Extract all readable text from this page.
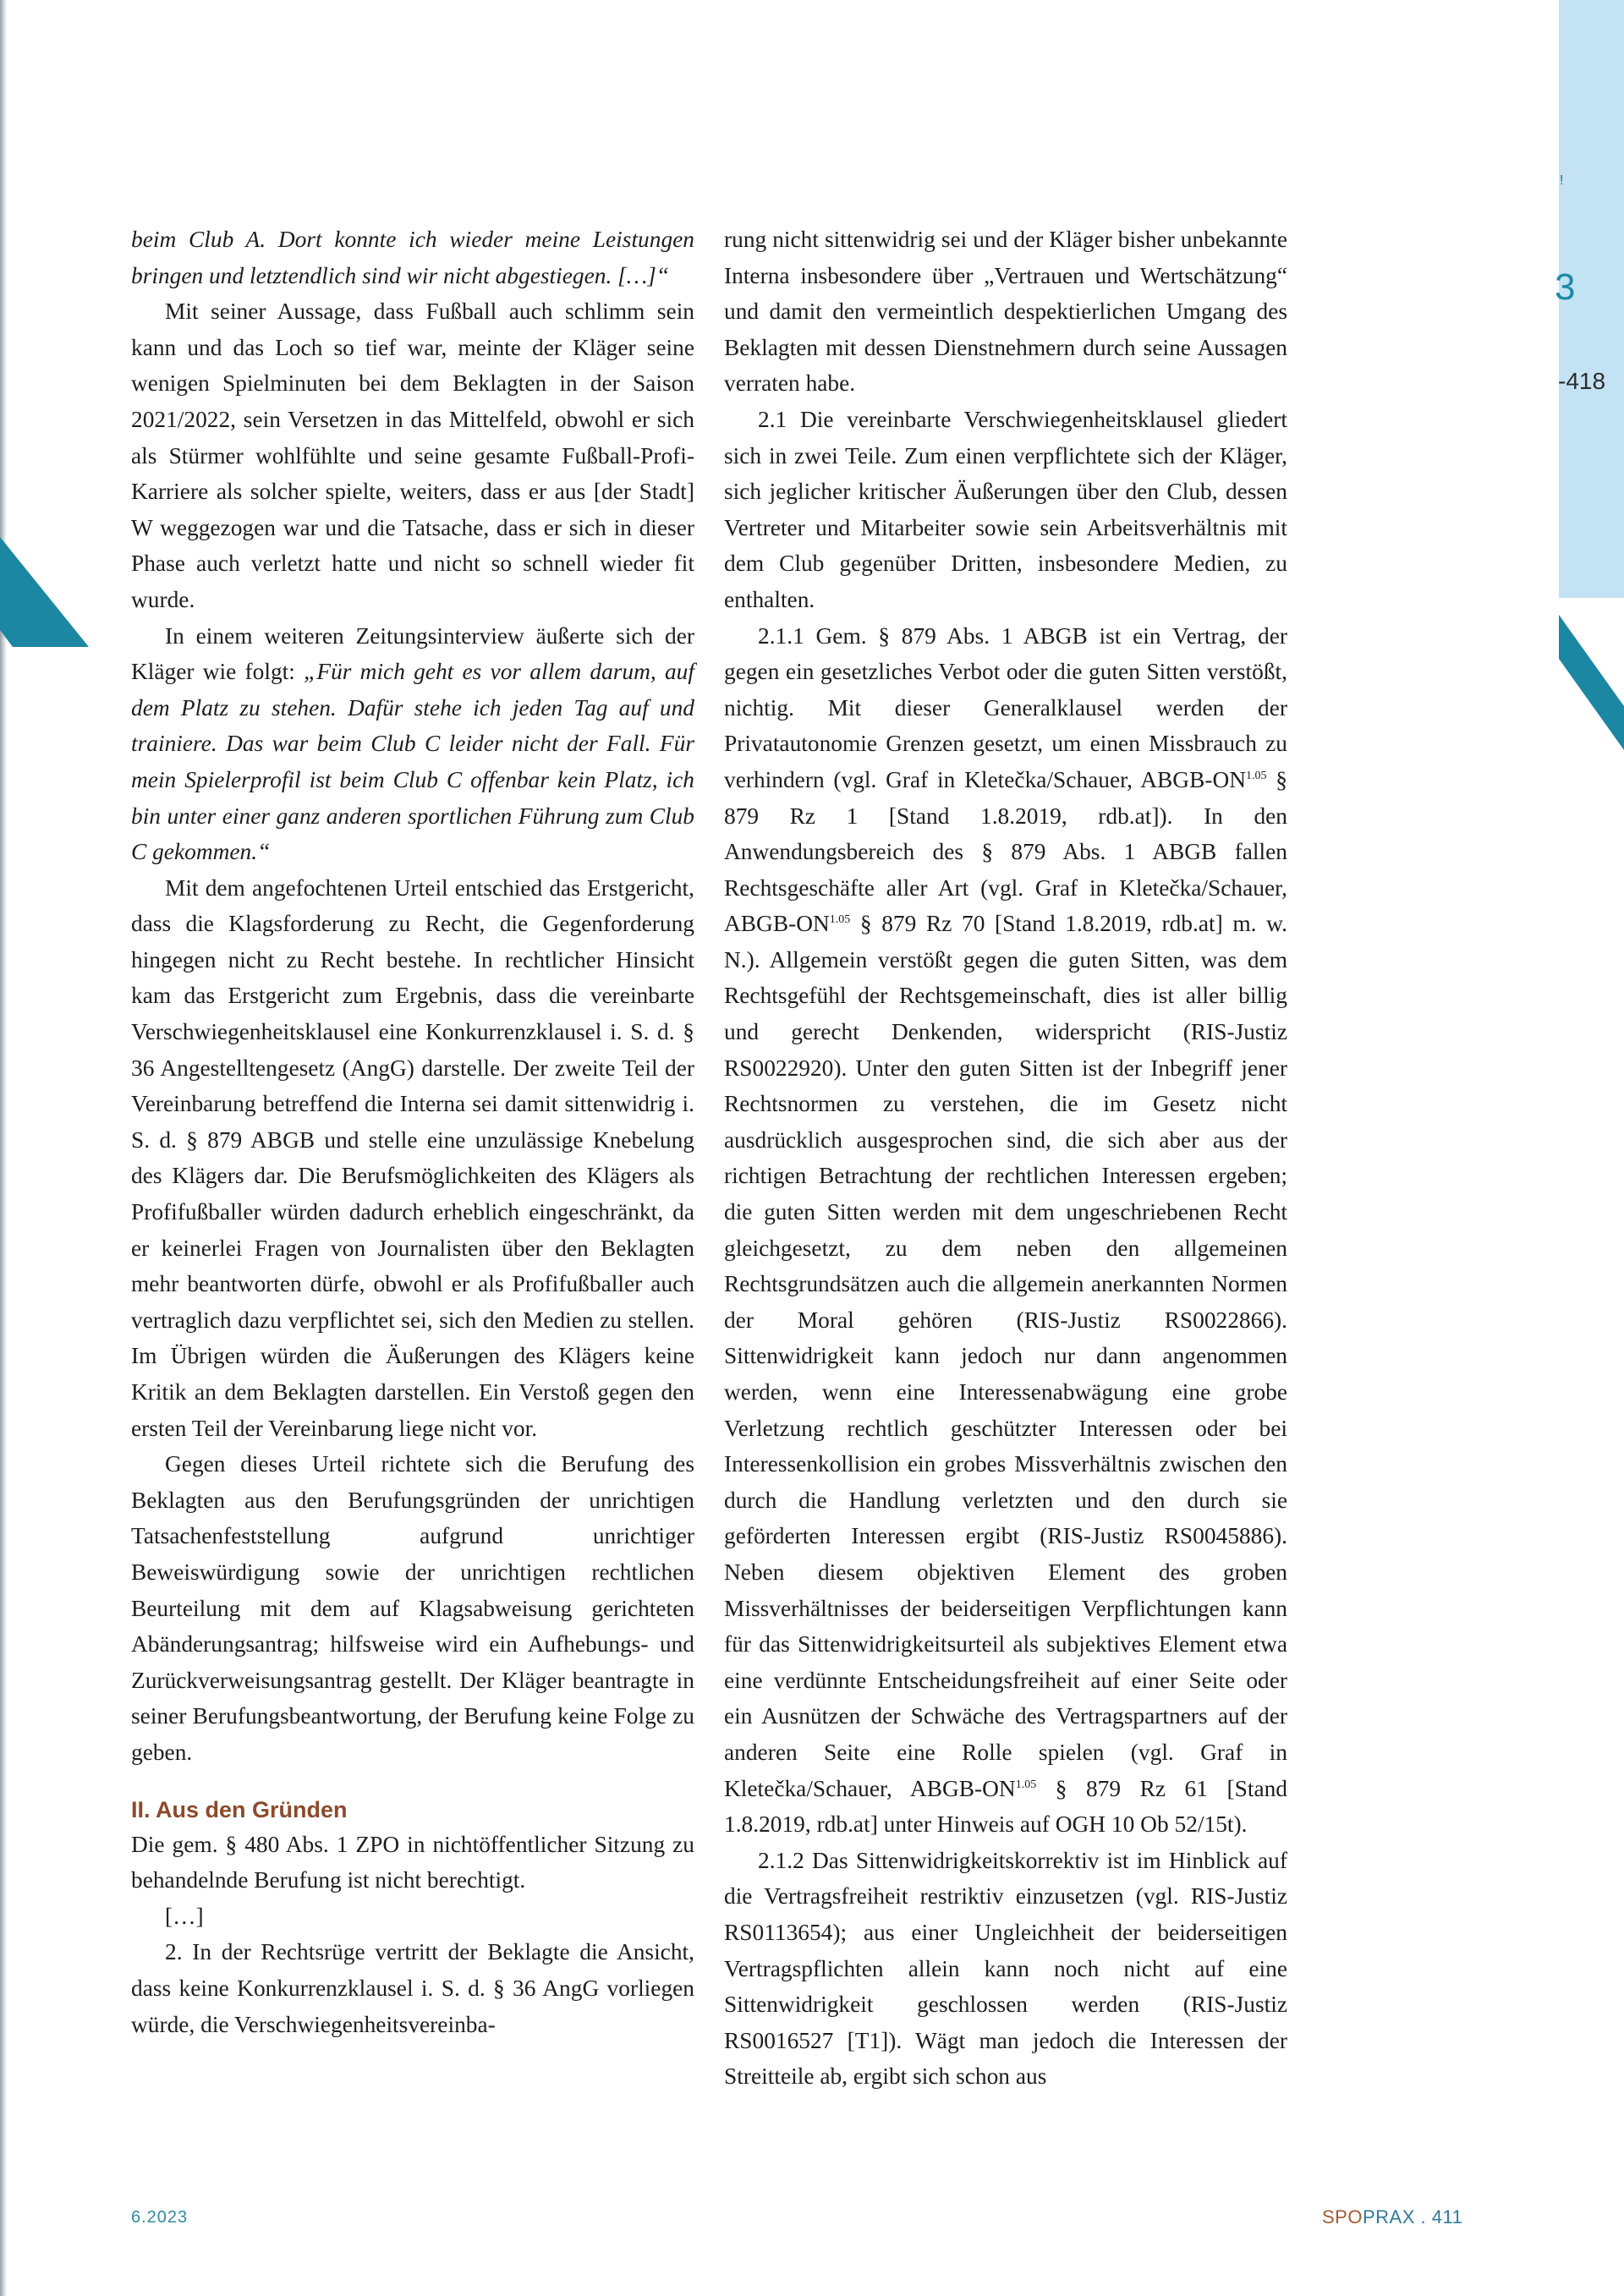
!
3
-418

beim Club A. Dort konnte ich wieder meine Leistungen bringen und letztendlich sind wir nicht abgestiegen. […]“

Mit seiner Aussage, dass Fußball auch schlimm sein kann und das Loch so tief war, meinte der Kläger seine wenigen Spielminuten bei dem Beklagten in der Saison 2021/2022, sein Versetzen in das Mittelfeld, obwohl er sich als Stürmer wohlfühlte und seine gesamte Fußball-Profi-Karriere als solcher spielte, weiters, dass er aus [der Stadt] W weggezogen war und die Tatsache, dass er sich in dieser Phase auch verletzt hatte und nicht so schnell wieder fit wurde.

In einem weiteren Zeitungsinterview äußerte sich der Kläger wie folgt: „Für mich geht es vor allem darum, auf dem Platz zu stehen. Dafür stehe ich jeden Tag auf und trainiere. Das war beim Club C leider nicht der Fall. Für mein Spielerprofil ist beim Club C offenbar kein Platz, ich bin unter einer ganz anderen sportlichen Führung zum Club C gekommen.“

Mit dem angefochtenen Urteil entschied das Erstgericht, dass die Klagsforderung zu Recht, die Gegenforderung hingegen nicht zu Recht bestehe. In rechtlicher Hinsicht kam das Erstgericht zum Ergebnis, dass die vereinbarte Verschwiegenheitsklausel eine Konkurrenzklausel i. S. d. § 36 Angestelltengesetz (AngG) darstelle. Der zweite Teil der Vereinbarung betreffend die Interna sei damit sittenwidrig i. S. d. § 879 ABGB und stelle eine unzulässige Knebelung des Klägers dar. Die Berufsmöglichkeiten des Klägers als Profifußballer würden dadurch erheblich eingeschränkt, da er keinerlei Fragen von Journalisten über den Beklagten mehr beantworten dürfe, obwohl er als Profifußballer auch vertraglich dazu verpflichtet sei, sich den Medien zu stellen. Im Übrigen würden die Äußerungen des Klägers keine Kritik an dem Beklagten darstellen. Ein Verstoß gegen den ersten Teil der Vereinbarung liege nicht vor.

Gegen dieses Urteil richtete sich die Berufung des Beklagten aus den Berufungsgründen der unrichtigen Tatsachenfeststellung aufgrund unrichtiger Beweiswürdigung sowie der unrichtigen rechtlichen Beurteilung mit dem auf Klagsabweisung gerichteten Abänderungsantrag; hilfsweise wird ein Aufhebungs- und Zurückverweisungsantrag gestellt. Der Kläger beantragte in seiner Berufungsbeantwortung, der Berufung keine Folge zu geben.

II. Aus den Gründen

Die gem. § 480 Abs. 1 ZPO in nichtöffentlicher Sitzung zu behandelnde Berufung ist nicht berechtigt.

[…]

2. In der Rechtsrüge vertritt der Beklagte die Ansicht, dass keine Konkurrenzklausel i. S. d. § 36 AngG vorliegen würde, die Verschwiegenheitsvereinba-

rung nicht sittenwidrig sei und der Kläger bisher unbekannte Interna insbesondere über „Vertrauen und Wertschätzung“ und damit den vermeintlich despektierlichen Umgang des Beklagten mit dessen Dienstnehmern durch seine Aussagen verraten habe.

2.1 Die vereinbarte Verschwiegenheitsklausel gliedert sich in zwei Teile. Zum einen verpflichtete sich der Kläger, sich jeglicher kritischer Äußerungen über den Club, dessen Vertreter und Mitarbeiter sowie sein Arbeitsverhältnis mit dem Club gegenüber Dritten, insbesondere Medien, zu enthalten.

2.1.1 Gem. § 879 Abs. 1 ABGB ist ein Vertrag, der gegen ein gesetzliches Verbot oder die guten Sitten verstößt, nichtig. Mit dieser Generalklausel werden der Privatautonomie Grenzen gesetzt, um einen Missbrauch zu verhindern (vgl. Graf in Kletečka/Schauer, ABGB-$ON^{1.05}$ § 879 Rz 1 [Stand 1.8.2019, rdb.at]). In den Anwendungsbereich des § 879 Abs. 1 ABGB fallen Rechtsgeschäfte aller Art (vgl. Graf in Kletečka/Schauer, ABGB-$ON^{1.05}$ § 879 Rz 70 [Stand 1.8.2019, rdb.at] m. w. N.). Allgemein verstößt gegen die guten Sitten, was dem Rechtsgefühl der Rechtsgemeinschaft, dies ist aller billig und gerecht Denkenden, widerspricht (RIS-Justiz RS0022920). Unter den guten Sitten ist der Inbegriff jener Rechtsnormen zu verstehen, die im Gesetz nicht ausdrücklich ausgesprochen sind, die sich aber aus der richtigen Betrachtung der rechtlichen Interessen ergeben; die guten Sitten werden mit dem ungeschriebenen Recht gleichgesetzt, zu dem neben den allgemeinen Rechtsgrundsätzen auch die allgemein anerkannten Normen der Moral gehören (RIS-Justiz RS0022866). Sittenwidrigkeit kann jedoch nur dann angenommen werden, wenn eine Interessenabwägung eine grobe Verletzung rechtlich geschützter Interessen oder bei Interessenkollision ein grobes Missverhältnis zwischen den durch die Handlung verletzten und den durch sie geförderten Interessen ergibt (RIS-Justiz RS0045886). Neben diesem objektiven Element des groben Missverhältnisses der beiderseitigen Verpflichtungen kann für das Sittenwidrigkeitsurteil als subjektives Element etwa eine verdünnte Entscheidungsfreiheit auf einer Seite oder ein Ausnützen der Schwäche des Vertragspartners auf der anderen Seite eine Rolle spielen (vgl. Graf in Kletečka/Schauer, ABGB-$ON^{1.05}$ § 879 Rz 61 [Stand 1.8.2019, rdb.at] unter Hinweis auf OGH 10 Ob 52/15t).

2.1.2 Das Sittenwidrigkeitskorrektiv ist im Hinblick auf die Vertragsfreiheit restriktiv einzusetzen (vgl. RIS-Justiz RS0113654); aus einer Ungleichheit der beiderseitigen Vertragspflichten allein kann noch nicht auf eine Sittenwidrigkeit geschlossen werden (RIS-Justiz RS0016527 [T1]). Wägt man jedoch die Interessen der Streitteile ab, ergibt sich schon aus

6.2023	SPOPRAX . 411
